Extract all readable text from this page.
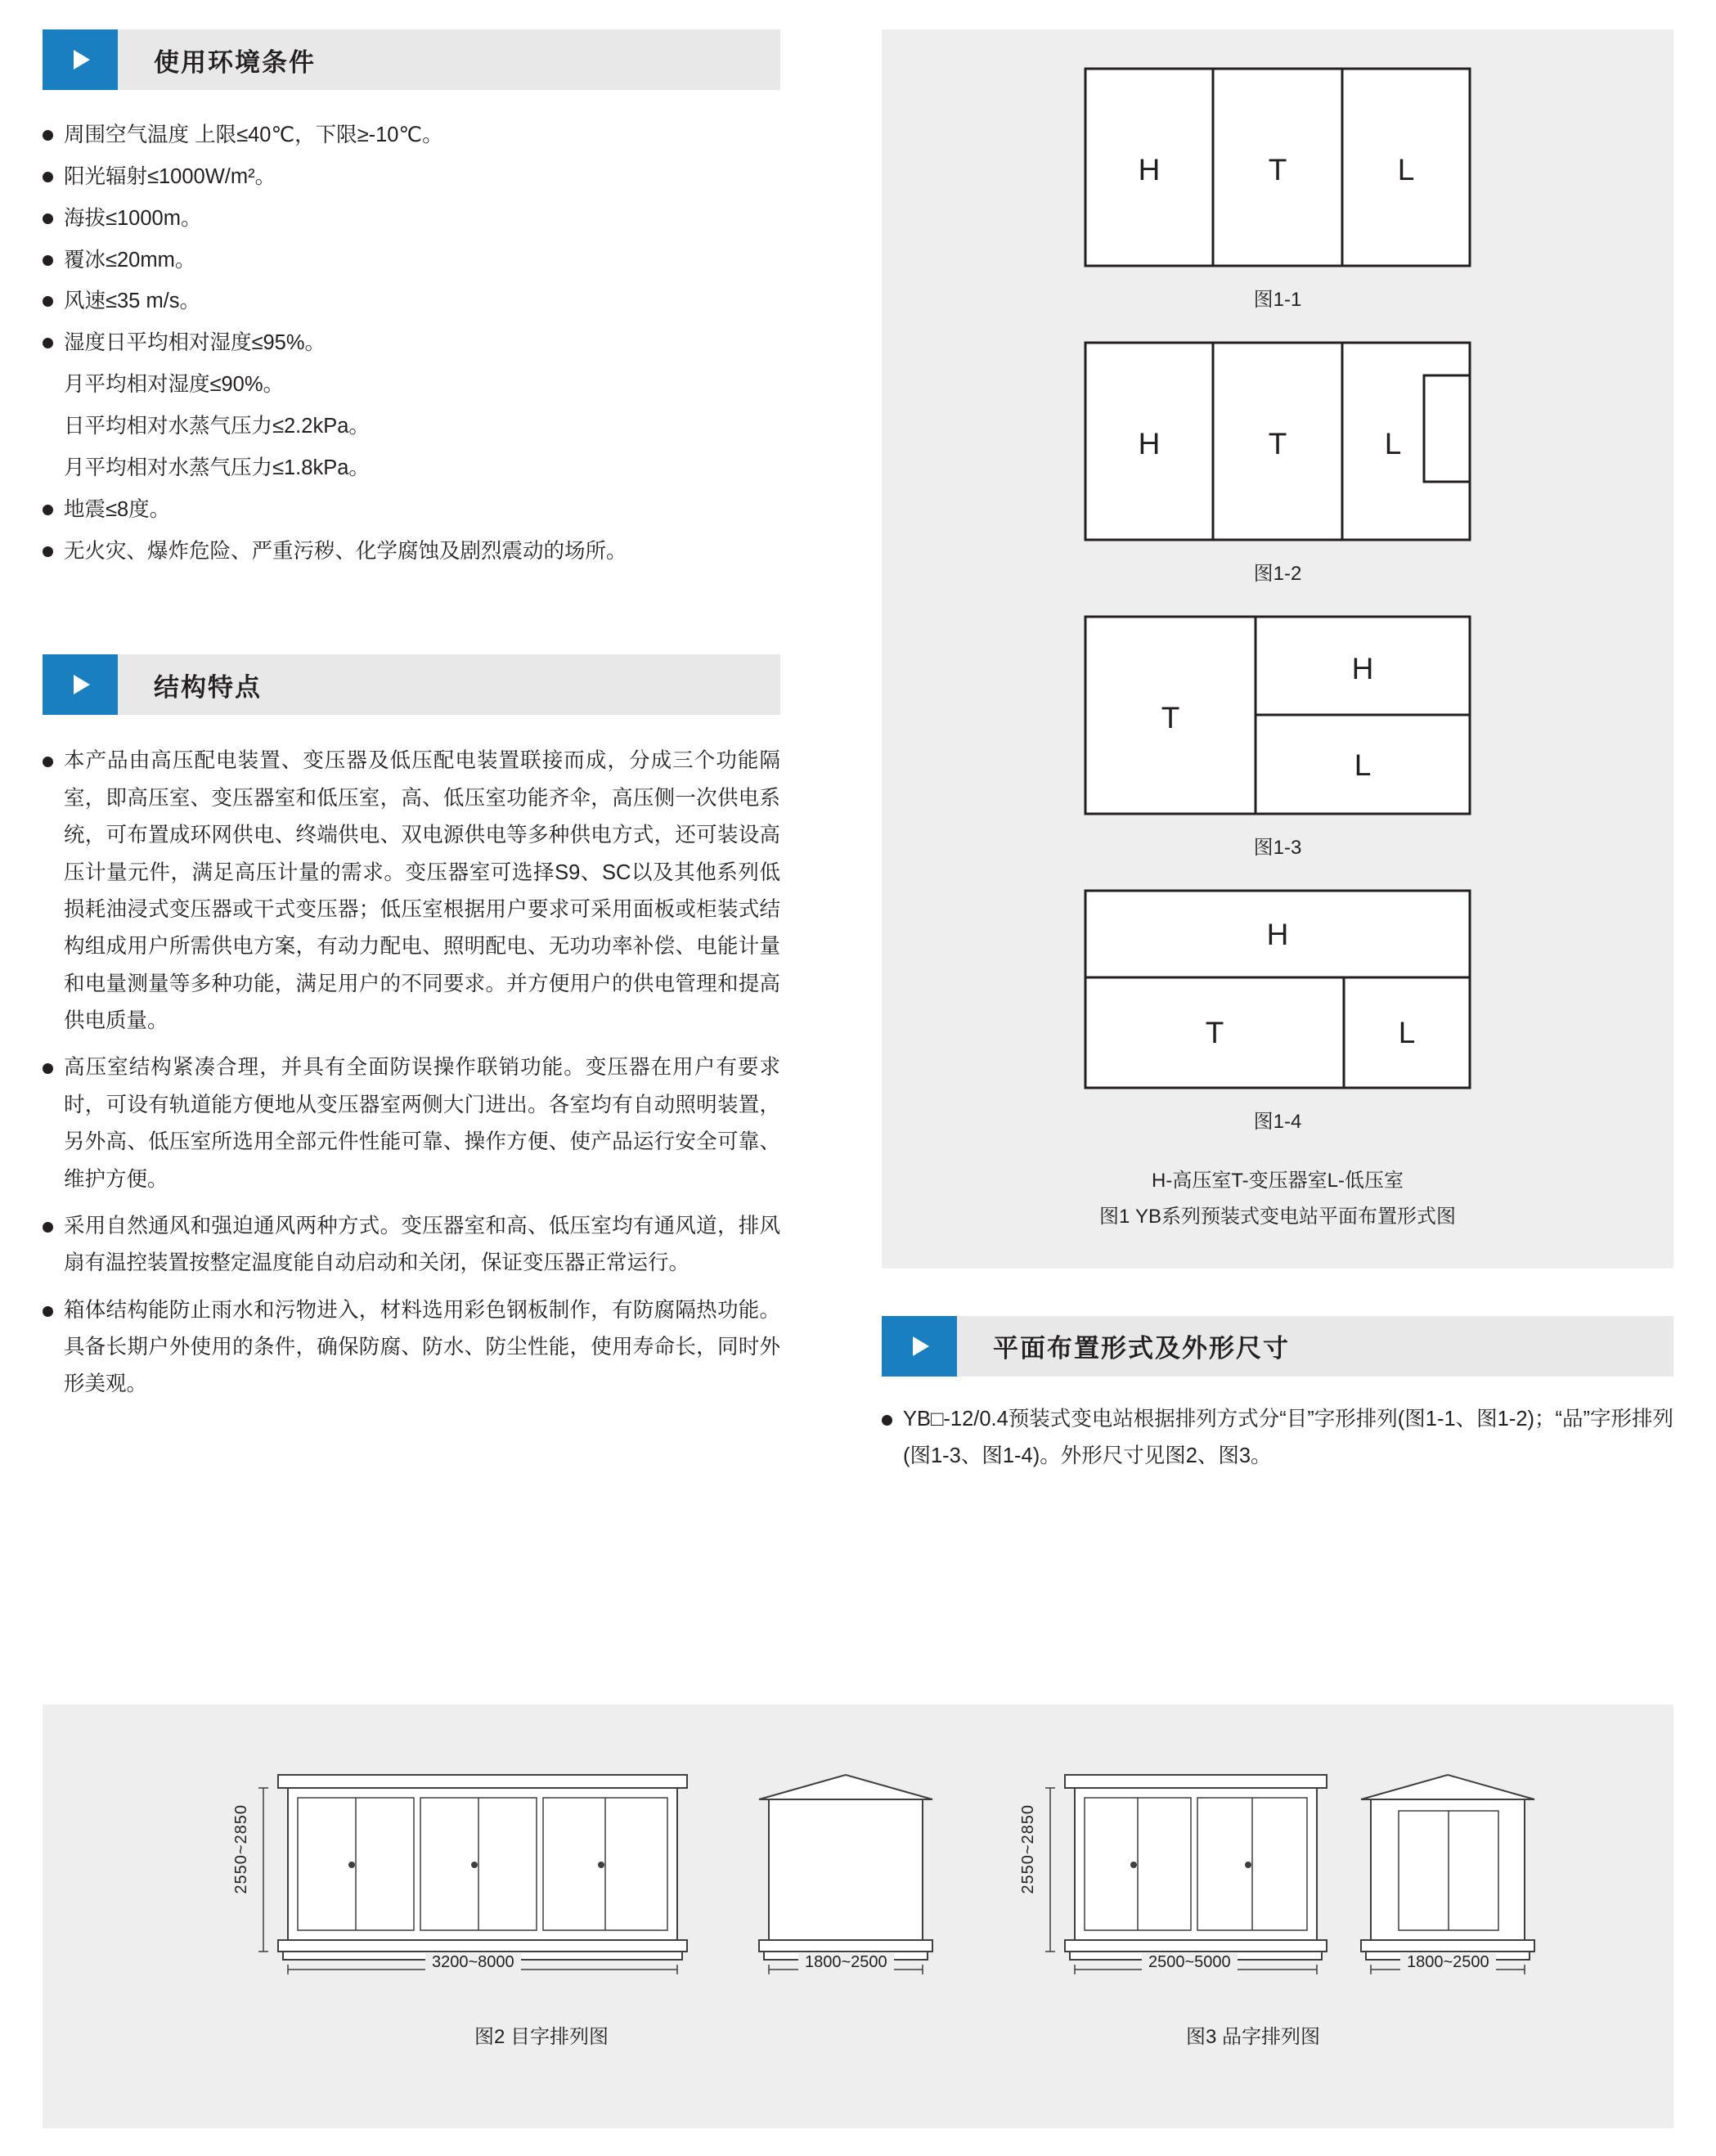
使用环境条件
周围空气温度 上限≤40℃，下限≥-10℃。
阳光辐射≤1000W/m²。
海拔≤1000m。
覆冰≤20mm。
风速≤35 m/s。
湿度日平均相对湿度≤95%。
月平均相对湿度≤90%。
日平均相对水蒸气压力≤2.2kPa。
月平均相对水蒸气压力≤1.8kPa。
地震≤8度。
无火灾、爆炸危险、严重污秽、化学腐蚀及剧烈震动的场所。
结构特点
本产品由高压配电装置、变压器及低压配电装置联接而成，分成三个功能隔室，即高压室、变压器室和低压室，高、低压室功能齐伞，高压侧一次供电系统，可布置成环网供电、终端供电、双电源供电等多种供电方式，还可装设高压计量元件，满足高压计量的需求。变压器室可选择S9、SC以及其他系列低损耗油浸式变压器或干式变压器；低压室根据用户要求可采用面板或柜装式结构组成用户所需供电方案，有动力配电、照明配电、无功功率补偿、电能计量和电量测量等多种功能，满足用户的不同要求。并方便用户的供电管理和提高供电质量。
高压室结构紧凑合理，并具有全面防误操作联销功能。变压器在用户有要求时，可设有轨道能方便地从变压器室两侧大门进出。各室均有自动照明装置，另外高、低压室所选用全部元件性能可靠、操作方便、使产品运行安全可靠、维护方便。
采用自然通风和强迫通风两种方式。变压器室和高、低压室均有通风道，排风扇有温控装置按整定温度能自动启动和关闭，保证变压器正常运行。
箱体结构能防止雨水和污物进入，材料选用彩色钢板制作，有防腐隔热功能。具备长期户外使用的条件，确保防腐、防水、防尘性能，使用寿命长，同时外形美观。
H	T	L
图1-1
H	T	L
图1-2
T
H
L
图1-3
H
T	L
图1-4
H-高压室T-变压器室L-低压室
图1 YB系列预装式变电站平面布置形式图
平面布置形式及外形尺寸
YB□-12/0.4预装式变电站根据排列方式分“目”字形排列(图1-1、图1-2)；“品”字形排列(图1-3、图1-4)。外形尺寸见图2、图3。
2550~2850
3200~8000	1800~2500
图2 目字排列图
2550~2850
2500~5000	1800~2500
图3 品字排列图
